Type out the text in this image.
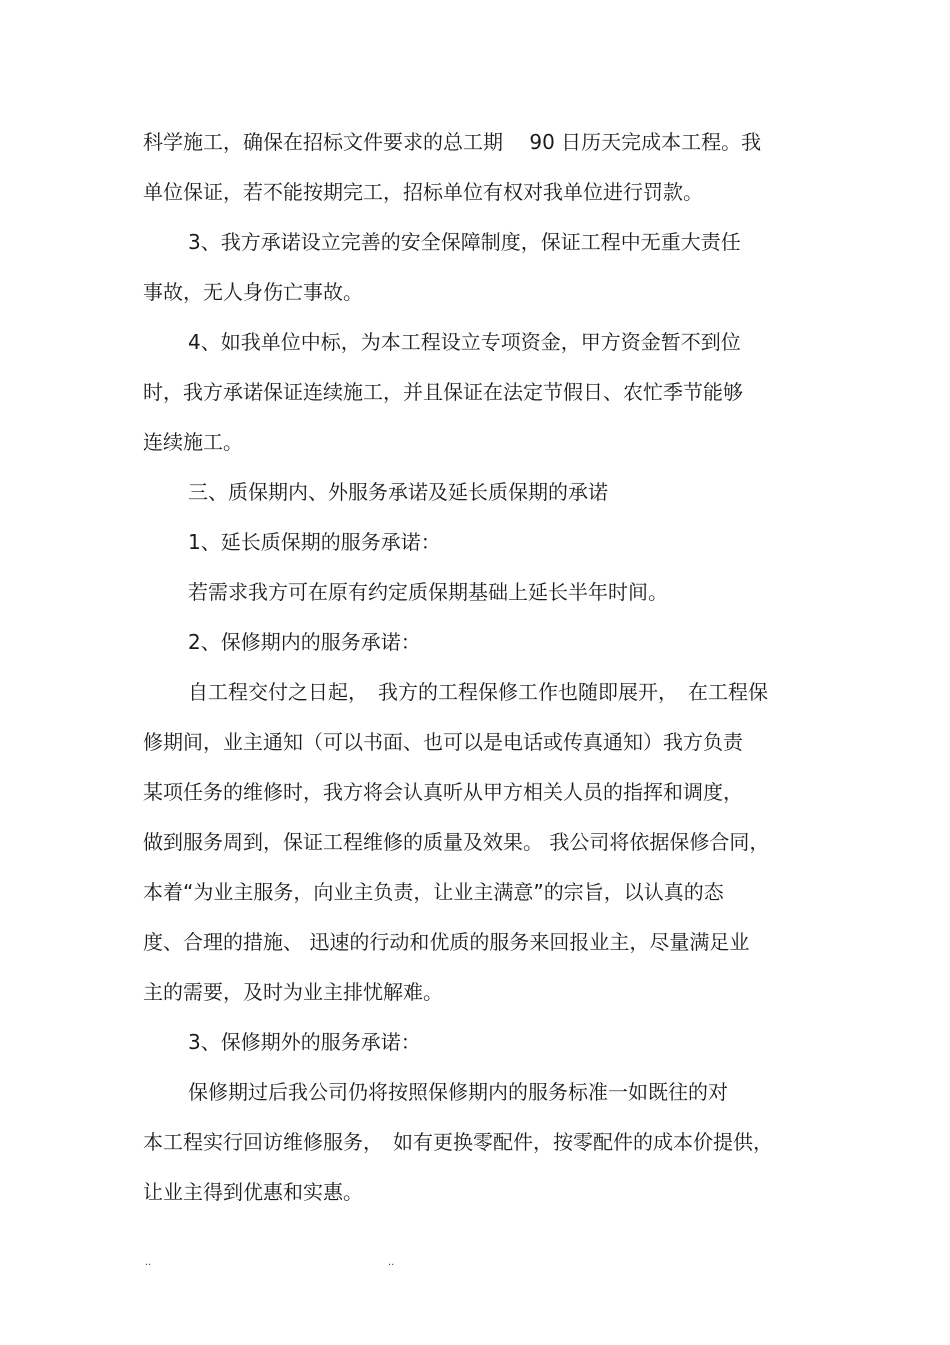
科学施工，确保在招标文件要求的总工期　 90 日历天完成本工程。我
单位保证，若不能按期完工，招标单位有权对我单位进行罚款。
3、我方承诺设立完善的安全保障制度，保证工程中无重大责任
事故，无人身伤亡事故。
4、如我单位中标，为本工程设立专项资金，甲方资金暂不到位
时，我方承诺保证连续施工，并且保证在法定节假日、农忙季节能够
连续施工。
三、质保期内、外服务承诺及延长质保期的承诺
1、延长质保期的服务承诺：
若需求我方可在原有约定质保期基础上延长半年时间。
2、保修期内的服务承诺：
自工程交付之日起，　我方的工程保修工作也随即展开，　在工程保
修期间，业主通知（可以书面、也可以是电话或传真通知）我方负责
某项任务的维修时，我方将会认真听从甲方相关人员的指挥和调度，
做到服务周到，保证工程维修的质量及效果。 我公司将依据保修合同，
本着“为业主服务，向业主负责，让业主满意”的宗旨，以认真的态
度、合理的措施、 迅速的行动和优质的服务来回报业主，尽量满足业
主的需要，及时为业主排忧解难。
3、保修期外的服务承诺：
保修期过后我公司仍将按照保修期内的服务标准一如既往的对
本工程实行回访维修服务，　如有更换零配件，按零配件的成本价提供，
让业主得到优惠和实惠。
..	..
